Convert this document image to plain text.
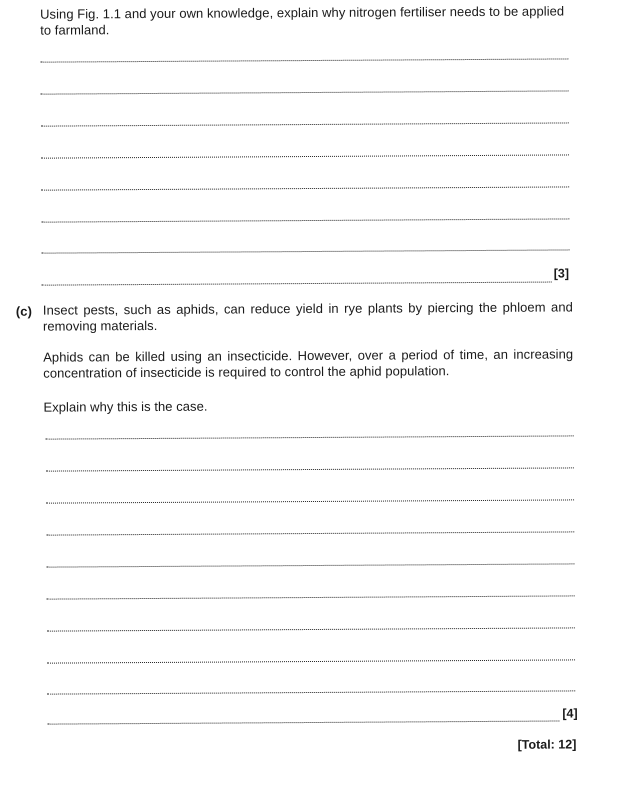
Using Fig. 1.1 and your own knowledge, explain why nitrogen fertiliser needs to be applied to farmland.
[3]
(c) Insect pests, such as aphids, can reduce yield in rye plants by piercing the phloem and removing materials.
Aphids can be killed using an insecticide. However, over a period of time, an increasing concentration of insecticide is required to control the aphid population.
Explain why this is the case.
[4]
[Total: 12]
